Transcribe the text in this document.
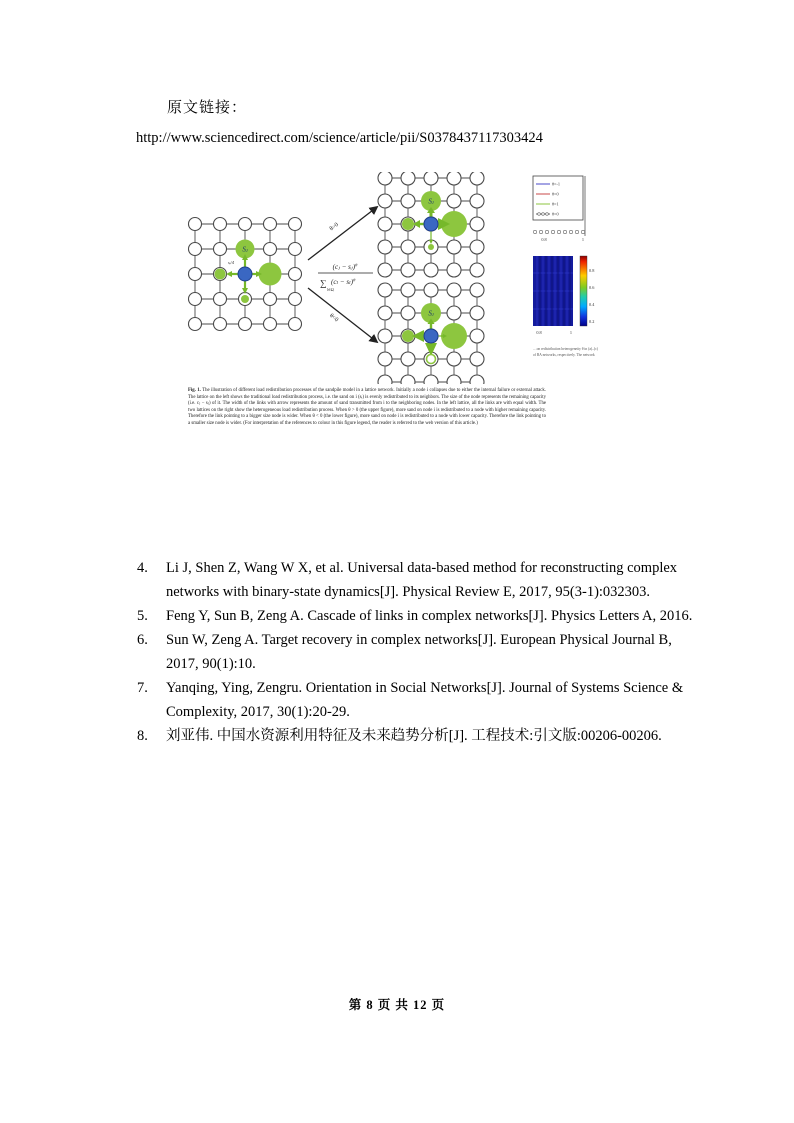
原文链接：
http://www.sciencedirect.com/science/article/pii/S0378437117303424
Sⱼ
sᵢ/4
θ>0
θ<0
(cⱼ − sⱼ)$^\theta$
∑
l∈Ωᵢ
$(c_l - s_l)^\theta$
Sⱼ
Sⱼ
θ=-1
θ=0
θ=1
θ=0
0.8	1
0.8	1
0.8
0.6
0.4
0.2
…on redistribution heterogeneity θ in (a)–(c)
of BA networks, respectively. The network
Fig. 1. The illustration of different load redistribution processes of the sandpile model in a lattice network. Initially a node i collapses due to either the internal failure or external attack. The lattice on the left shows the traditional load redistribution process, i.e. the sand on i (sᵢ) is evenly redistributed to its neighbors. The size of the node represents the remaining capacity (i.e. cⱼ − sⱼ) of it. The width of the links with arrow represents the amount of sand transmitted from i to the neighboring nodes. In the left lattice, all the links are with equal width. The two lattices on the right show the heterogeneous load redistribution process. When θ > 0 (the upper figure), more sand on node i is redistributed to a node with higher remaining capacity. Therefore the link pointing to a bigger size node is wider. When θ < 0 (the lower figure), more sand on node i is redistributed to a node with lower capacity. Therefore the link pointing to a smaller size node is wider. (For interpretation of the references to colour in this figure legend, the reader is referred to the web version of this article.)
4. Li J, Shen Z, Wang W X, et al. Universal data-based method for reconstructing complex networks with binary-state dynamics[J]. Physical Review E, 2017, 95(3-1):032303.
5. Feng Y, Sun B, Zeng A. Cascade of links in complex networks[J]. Physics Letters A, 2016.
6. Sun W, Zeng A. Target recovery in complex networks[J]. European Physical Journal B, 2017, 90(1):10.
7. Yanqing, Ying, Zengru. Orientation in Social Networks[J]. Journal of Systems Science & Complexity, 2017, 30(1):20-29.
8. 刘亚伟. 中国水资源利用特征及未来趋势分析[J]. 工程技术:引文版:00206-00206.
第 8 页 共 12 页
